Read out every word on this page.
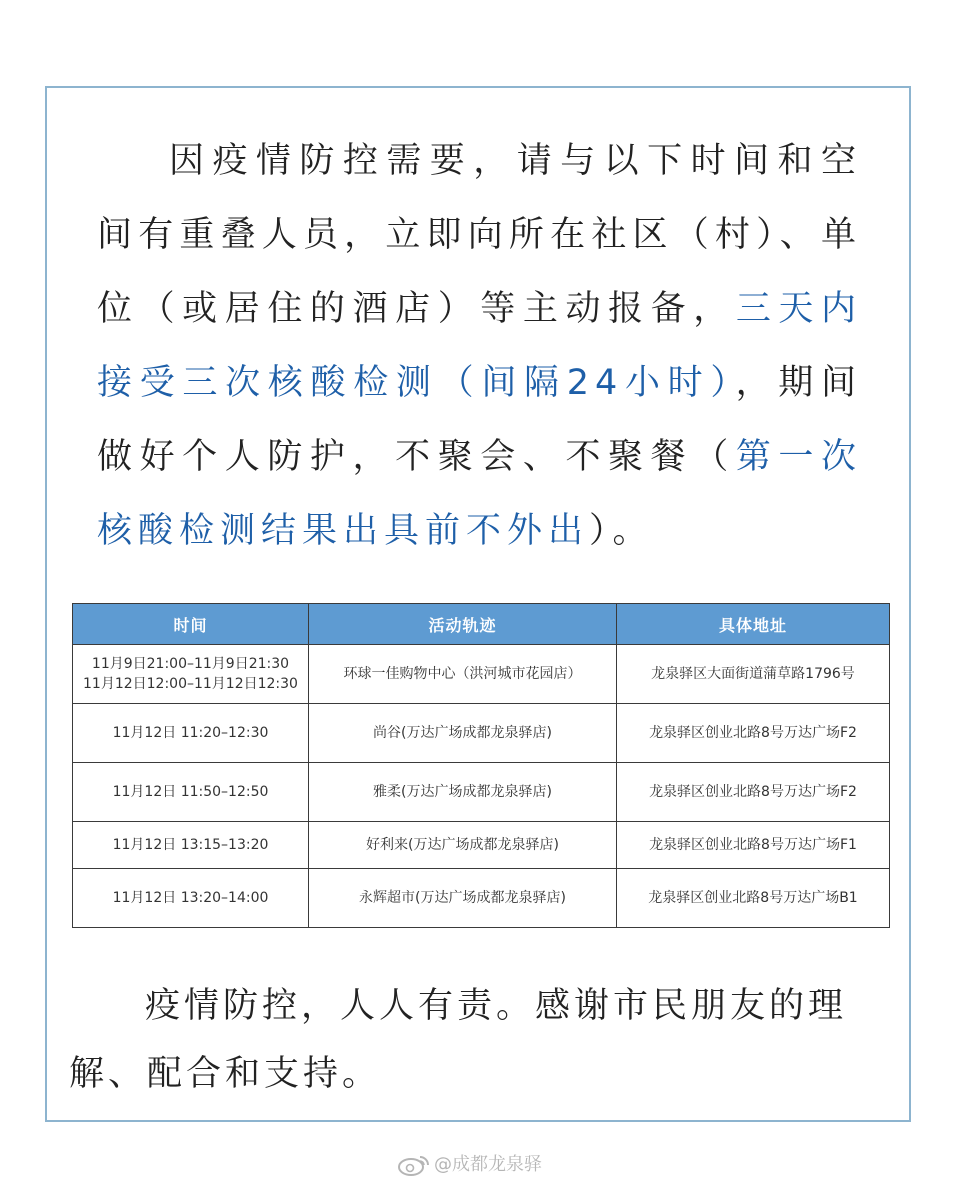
因疫情防控需要，请与以下时间和空间有重叠人员，立即向所在社区（村）、单位（或居住的酒店）等主动报备，三天内接受三次核酸检测（间隔24小时），期间做好个人防护，不聚会、不聚餐（第一次核酸检测结果出具前不外出）。
时间	活动轨迹	具体地址

11月9日21:00–11月9日21:30
11月12日12:00–11月12日12:30	环球一佳购物中心（洪河城市花园店）	龙泉驿区大面街道蒲草路1796号
11月12日 11:20–12:30	尚谷(万达广场成都龙泉驿店)	龙泉驿区创业北路8号万达广场F2
11月12日 11:50–12:50	雅柔(万达广场成都龙泉驿店)	龙泉驿区创业北路8号万达广场F2
11月12日 13:15–13:20	好利来(万达广场成都龙泉驿店)	龙泉驿区创业北路8号万达广场F1
11月12日 13:20–14:00	永辉超市(万达广场成都龙泉驿店)	龙泉驿区创业北路8号万达广场B1
疫情防控，人人有责。感谢市民朋友的理解、配合和支持。
@成都龙泉驿
